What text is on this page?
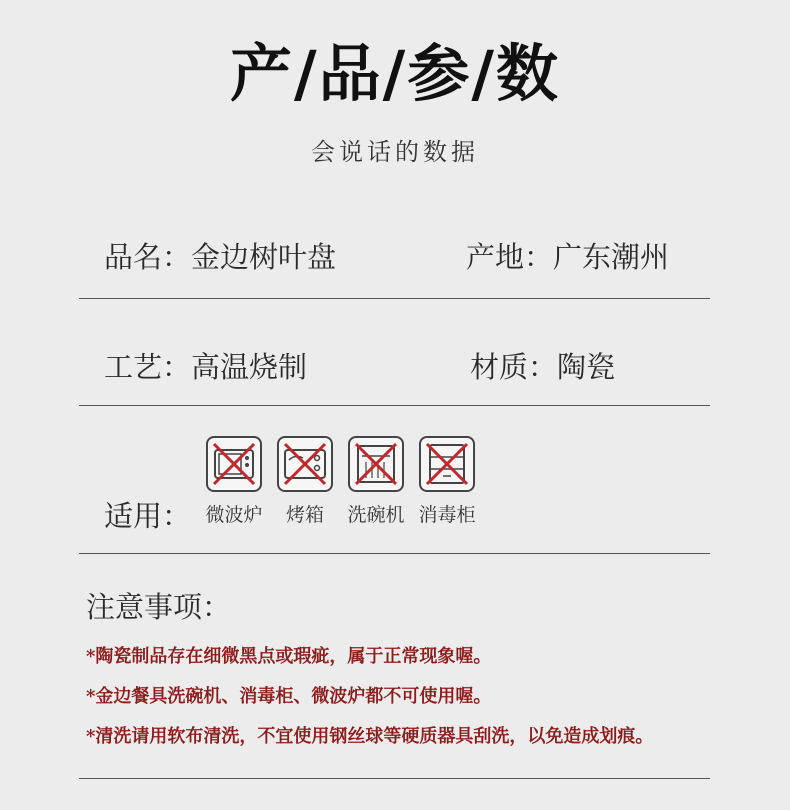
产/品/参/数
会说话的数据
品名：金边树叶盘	产地：广东潮州
工艺：高温烧制	材质：陶瓷
适用： 微波炉	烤箱	洗碗机 消毒柜
注意事项：
*陶瓷制品存在细微黑点或瑕疵，属于正常现象喔。
*金边餐具洗碗机、消毒柜、微波炉都不可使用喔。
*清洗请用软布清洗，不宜使用钢丝球等硬质器具刮洗，以免造成划痕。
